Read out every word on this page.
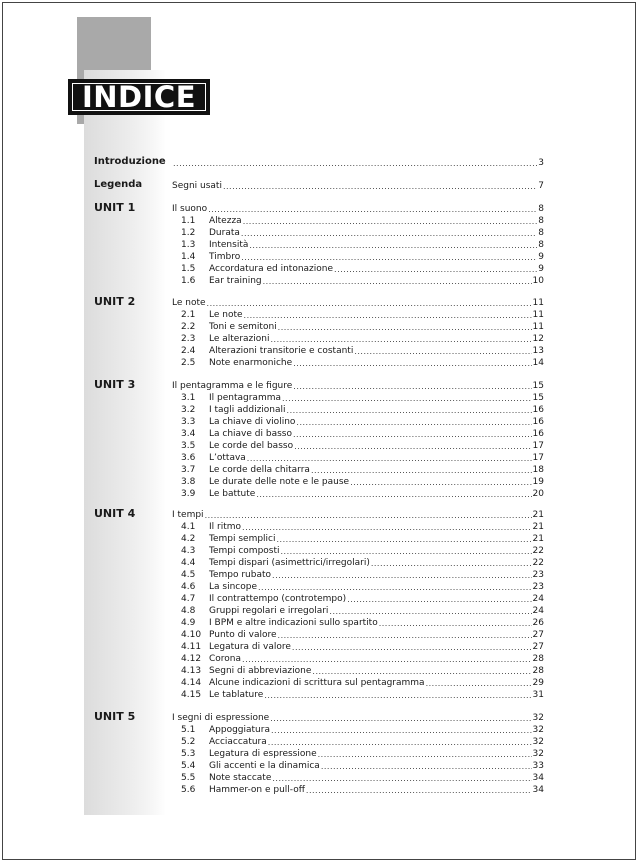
INDICE
Introduzione .....	3
Legenda	Segni usati .....	7
UNIT 1	Il suono .....	8
1.1	Altezza .....	8
1.2	Durata .....	8
1.3	Intensità .....	8
1.4	Timbro .....	9
1.5	Accordatura ed intonazione .....	9
1.6	Ear training .....	10
UNIT 2	Le note .....	11
2.1	Le note .....	11
2.2	Toni e semitoni .....	11
2.3	Le alterazioni .....	12
2.4	Alterazioni transitorie e costanti .....	13
2.5	Note enarmoniche .....	14
UNIT 3	Il pentagramma e le figure .....	15
3.1	Il pentagramma .....	15
3.2	I tagli addizionali .....	16
3.3	La chiave di violino .....	16
3.4	La chiave di basso .....	16
3.5	Le corde del basso .....	17
3.6	L’ottava .....	17
3.7	Le corde della chitarra .....	18
3.8	Le durate delle note e le pause .....	19
3.9	Le battute .....	20
UNIT 4	I tempi .....	21
4.1	Il ritmo .....	21
4.2	Tempi semplici .....	21
4.3	Tempi composti .....	22
4.4	Tempi dispari (asimettrici/irregolari) .....	22
4.5	Tempo rubato .....	23
4.6	La sincope .....	23
4.7	Il contrattempo (controtempo) .....	24
4.8	Gruppi regolari e irregolari .....	24
4.9	I BPM e altre indicazioni sullo spartito .....	26
4.10 Punto di valore .....	27
4.11 Legatura di valore .....	27
4.12 Corona .....	28
4.13 Segni di abbreviazione .....	28
4.14 Alcune indicazioni di scrittura sul pentagramma .....	29
4.15 Le tablature .....	31
UNIT 5	I segni di espressione .....	32
5.1	Appoggiatura .....	32
5.2	Acciaccatura .....	32
5.3	Legatura di espressione .....	32
5.4	Gli accenti e la dinamica .....	33
5.5	Note staccate .....	34
5.6	Hammer-on e pull-off .....	34
